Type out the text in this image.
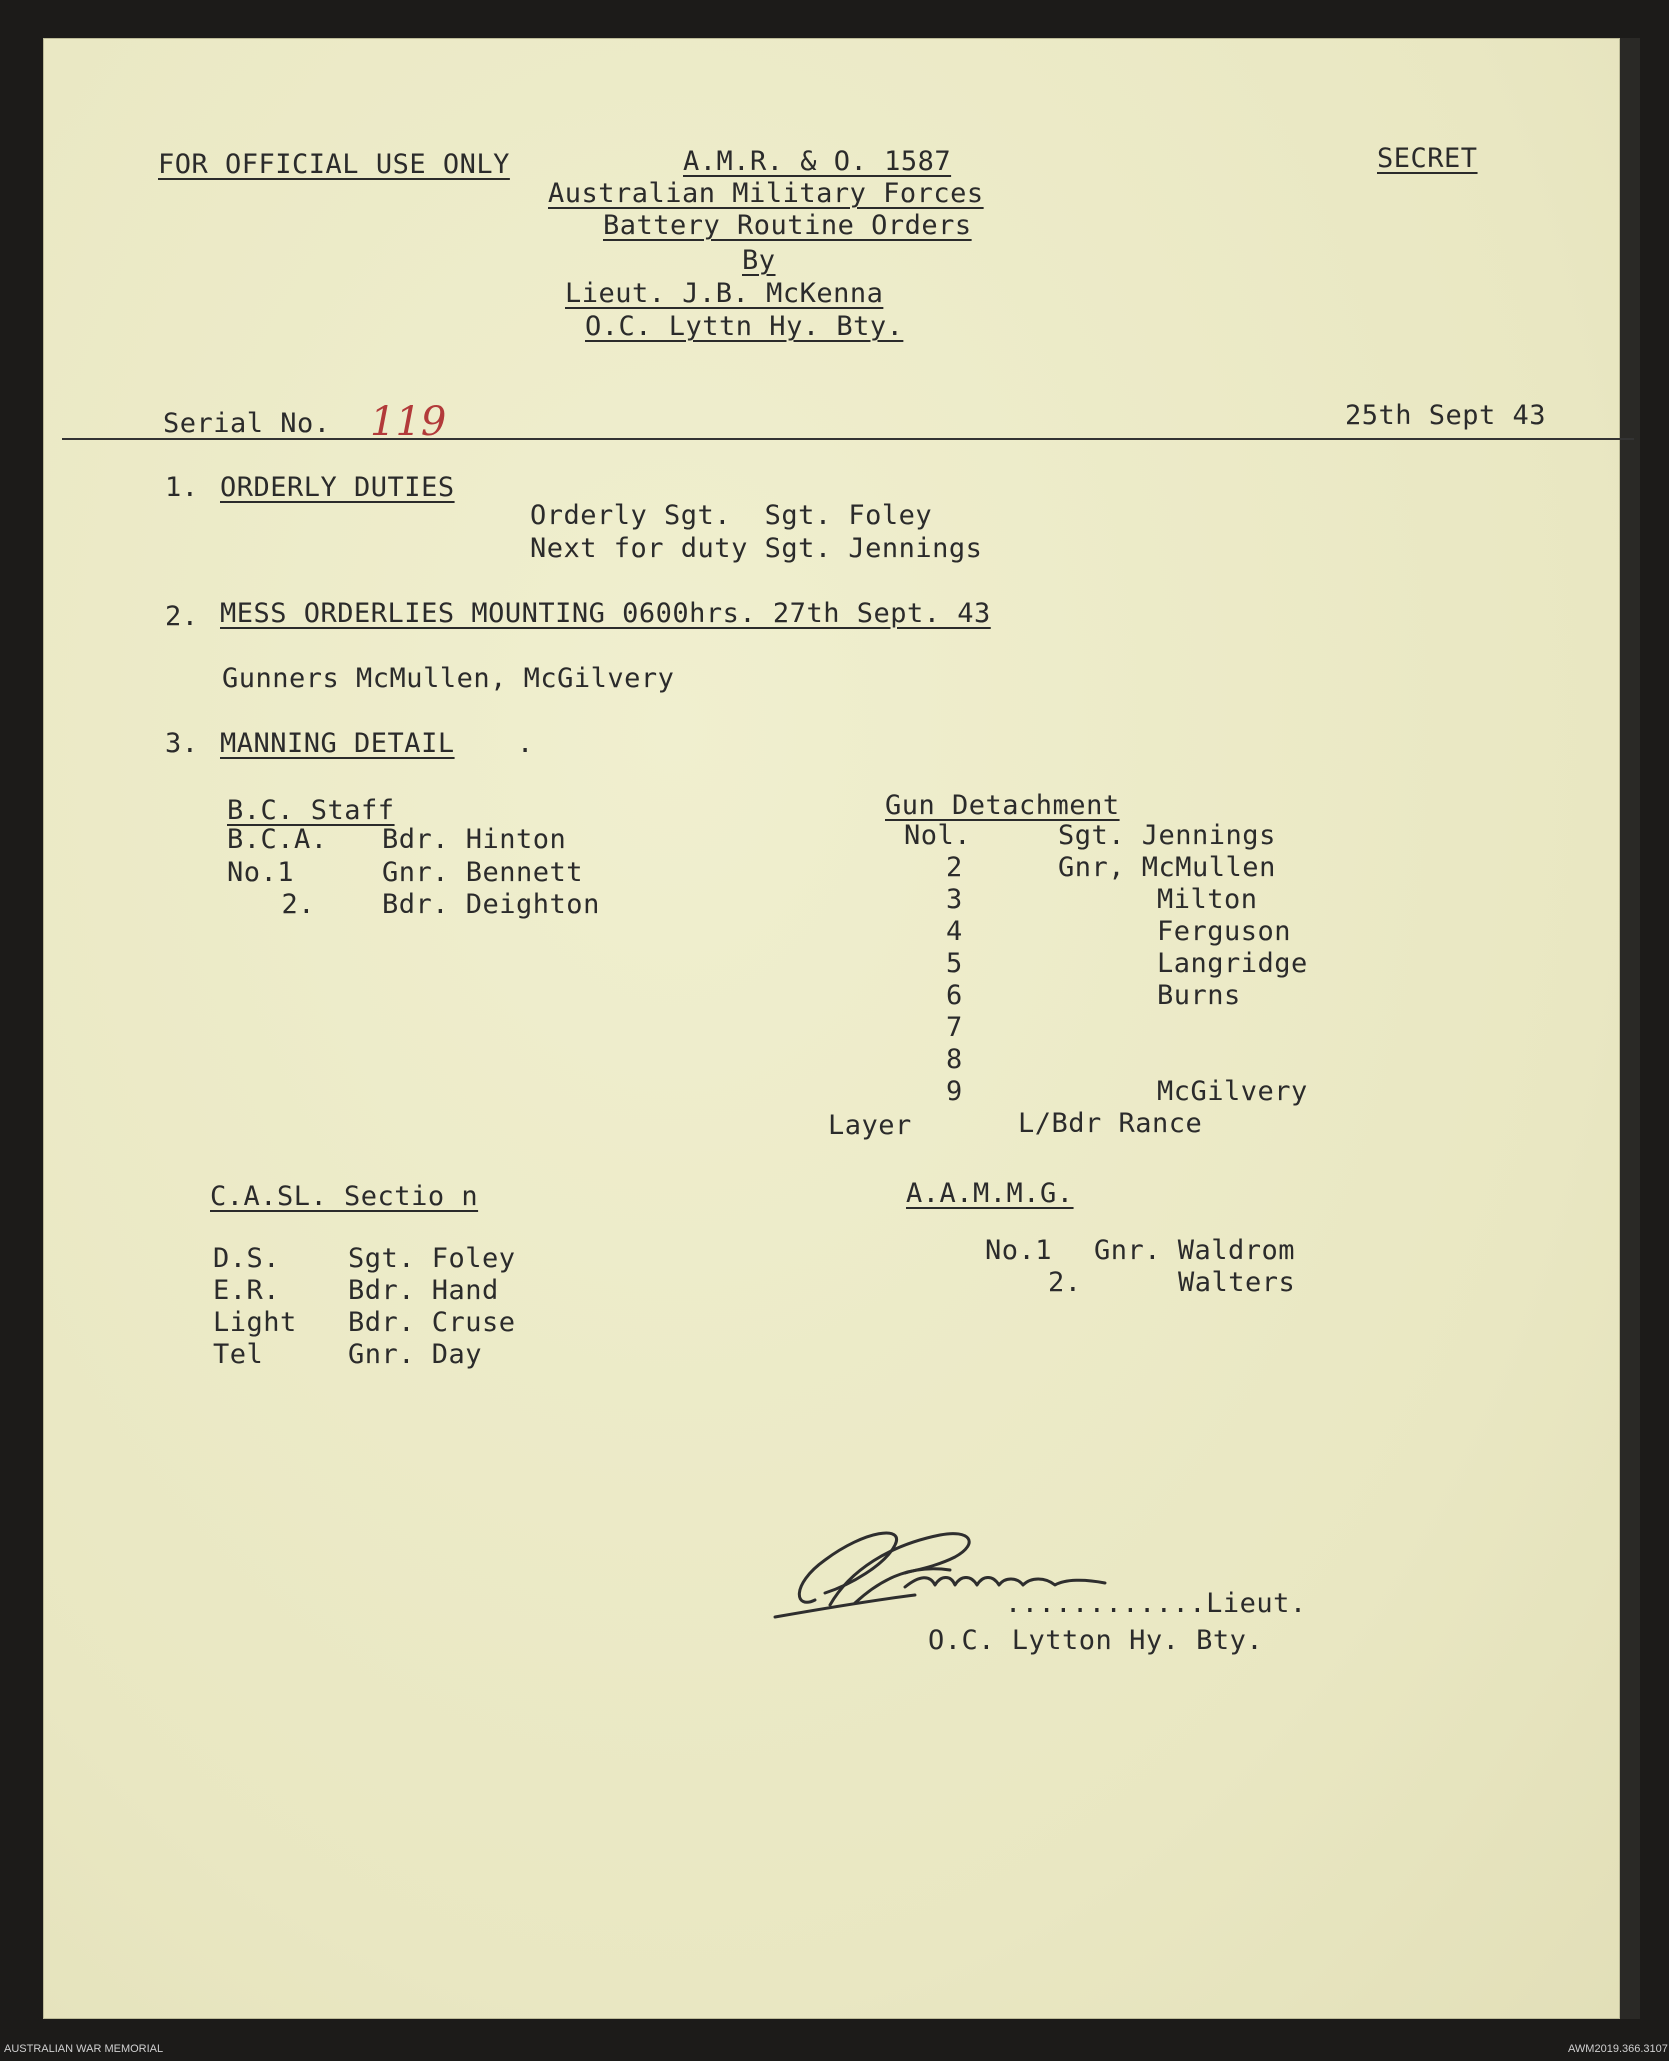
FOR OFFICIAL USE ONLY	A.M.R. & O. 1587	SECRET
Australian Military Forces
Battery Routine Orders
By
Lieut. J.B. McKenna
O.C. Lyttn Hy. Bty.
Serial No. 119	25th Sept 43
1. ORDERLY DUTIES
Orderly Sgt.  Sgt. Foley
Next for duty Sgt. Jennings
2. MESS ORDERLIES MOUNTING 0600hrs. 27th Sept. 43
Gunners McMullen, McGilvery
3. MANNING DETAIL .
B.C. Staff
B.C.A. Bdr. Hinton
No.1	Gnr. Bennett
2. Bdr. Deighton
Gun Detachment
Nol.	Sgt. Jennings
2	Gnr, McMullen
3	Milton
4	Ferguson
5	Langridge
6	Burns
7
8
9	McGilvery
Layer	L/Bdr Rance
C.A.SL. Sectio n
D.S.	Sgt. Foley
E.R.	Bdr. Hand
Light Bdr. Cruse
Tel	Gnr. Day
A.A.M.M.G.
No.1 Gnr. Waldrom
2.	Walters
............Lieut.
O.C. Lytton Hy. Bty.
AUSTRALIAN WAR MEMORIAL	AWM2019.366.3107
